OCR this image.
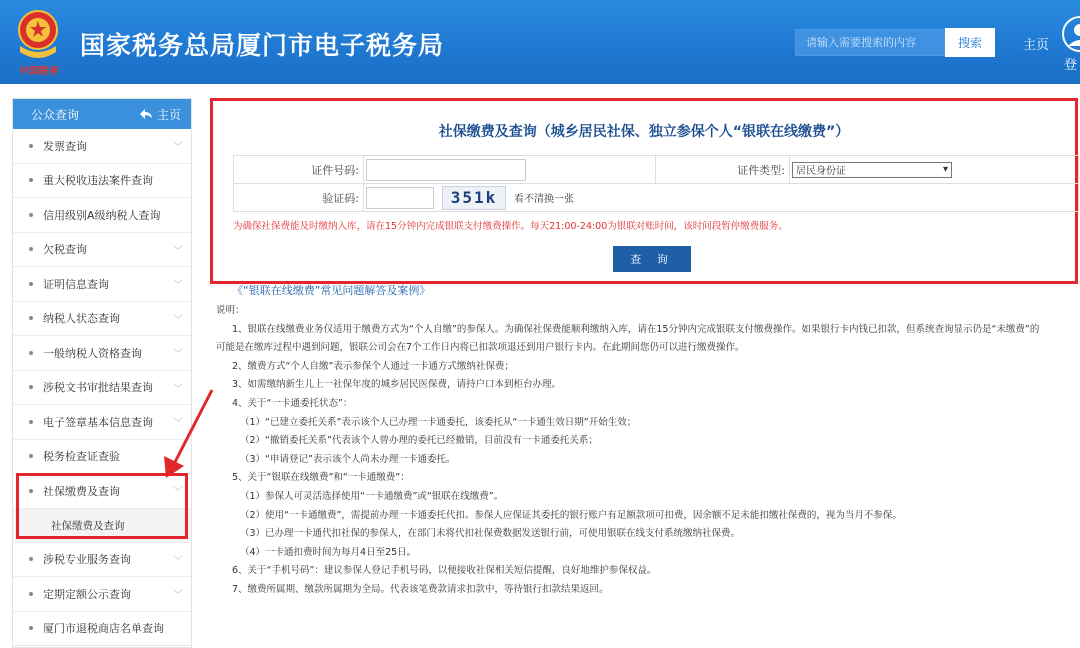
中国税务
国家税务总局厦门市电子税务局
请输入需要搜索的内容	搜索	主页
登
公众查询	主页
发票查询	﹀
重大税收违法案件查询
信用级别A级纳税人查询
欠税查询	﹀
证明信息查询	﹀
纳税人状态查询	﹀
一般纳税人资格查询	﹀
涉税文书审批结果查询 ﹀
电子签章基本信息查询 ﹀
税务检查证查验
社保缴费及查询	﹀
社保缴费及查询
涉税专业服务查询	﹀
定期定额公示查询	﹀
厦门市退税商店名单查询
社保缴费及查询（城乡居民社保、独立参保个人“银联在线缴费”）
证件号码:		证件类型:	居民身份证 ▾

验证码:	351k 看不清换一张		
为确保社保费能及时缴纳入库，请在15分钟内完成银联支付缴费操作。每天21:00-24:00为银联对账时间，该时间段暂停缴费服务。
查 询
《“银联在线缴费”常见问题解答及案例》
说明：
1、银联在线缴费业务仅适用于缴费方式为“个人自缴”的参保人。为确保社保费能顺利缴纳入库，请在15分钟内完成银联支付缴费操作。如果银行卡内钱已扣款，但系统查询显示仍是“未缴费”的
可能是在缴库过程中遇到问题，银联公司会在7个工作日内将已扣款项退还到用户银行卡内。在此期间您仍可以进行缴费操作。
2、缴费方式“个人自缴”表示参保个人通过一卡通方式缴纳社保费；
3、如需缴纳新生儿上一社保年度的城乡居民医保费，请持户口本到柜台办理。
4、关于“一卡通委托状态”：
（1）“已建立委托关系”表示该个人已办理一卡通委托，该委托从“一卡通生效日期”开始生效；
（2）“撤销委托关系”代表该个人曾办理的委托已经撤销，目前没有一卡通委托关系；
（3）“申请登记”表示该个人尚未办理一卡通委托。
5、关于“银联在线缴费”和“一卡通缴费”：
（1）参保人可灵活选择使用“一卡通缴费”或“银联在线缴费”。
（2）使用“一卡通缴费”，需提前办理一卡通委托代扣。参保人应保证其委托的银行账户有足额款项可扣费，因余额不足未能扣缴社保费的，视为当月不参保。
（3）已办理一卡通代扣社保的参保人，在部门未将代扣社保费数据发送银行前，可使用银联在线支付系统缴纳社保费。
（4）一卡通扣费时间为每月4日至25日。
6、关于“手机号码”：建议参保人登记手机号码，以便接收社保相关短信提醒，良好地维护参保权益。
7、缴费所属期、缴款所属期为全局。代表该笔费款请求扣款中，等待银行扣款结果返回。
